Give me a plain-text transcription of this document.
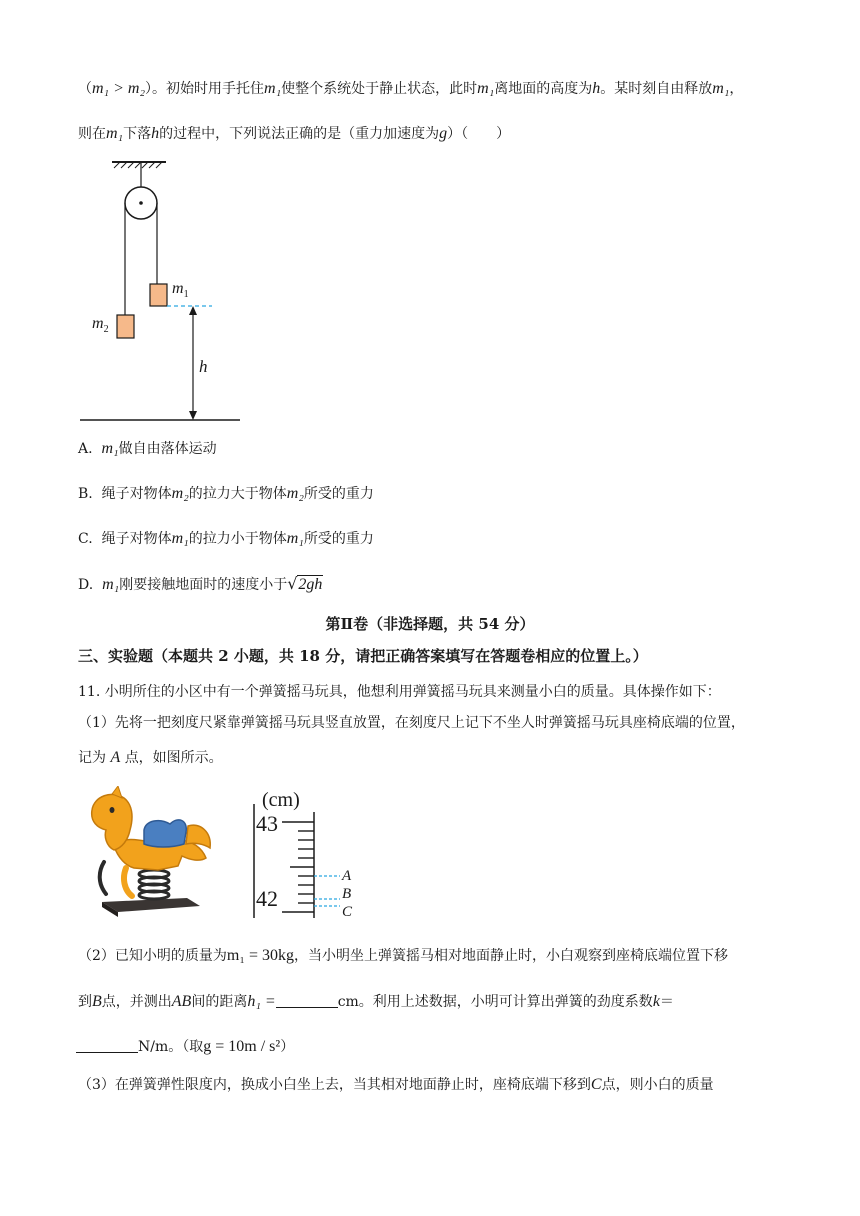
（m₁ > m₂）。初始时用手托住m₁使整个系统处于静止状态，此时m₁离地面的高度为h。某时刻自由释放m₁，
则在m₁下落h的过程中，下列说法正确的是（重力加速度为g）（　　）
$m_1$
$m_2$
h
A. m₁做自由落体运动
B. 绳子对物体m₂的拉力大于物体m₂所受的重力
C. 绳子对物体m₁的拉力小于物体m₁所受的重力
D. m₁刚要接触地面时的速度小于√2gh
第Ⅱ卷（非选择题，共 54 分）
三、实验题（本题共 2 小题，共 18 分，请把正确答案填写在答题卷相应的位置上。）
11. 小明所住的小区中有一个弹簧摇马玩具，他想利用弹簧摇马玩具来测量小白的质量。具体操作如下：
（1）先将一把刻度尺紧靠弹簧摇马玩具竖直放置，在刻度尺上记下不坐人时弹簧摇马玩具座椅底端的位置，
记为 A 点，如图所示。
(cm)
43
42
A
B
C
（2）已知小明的质量为m₁ = 30kg，当小明坐上弹簧摇马相对地面静止时，小白观察到座椅底端位置下移
到B点，并测出AB间的距离h₁ =	cm。利用上述数据，小明可计算出弹簧的劲度系数k＝
N/m。（取g = 10m / s²）
（3）在弹簧弹性限度内，换成小白坐上去，当其相对地面静止时，座椅底端下移到C点，则小白的质量
